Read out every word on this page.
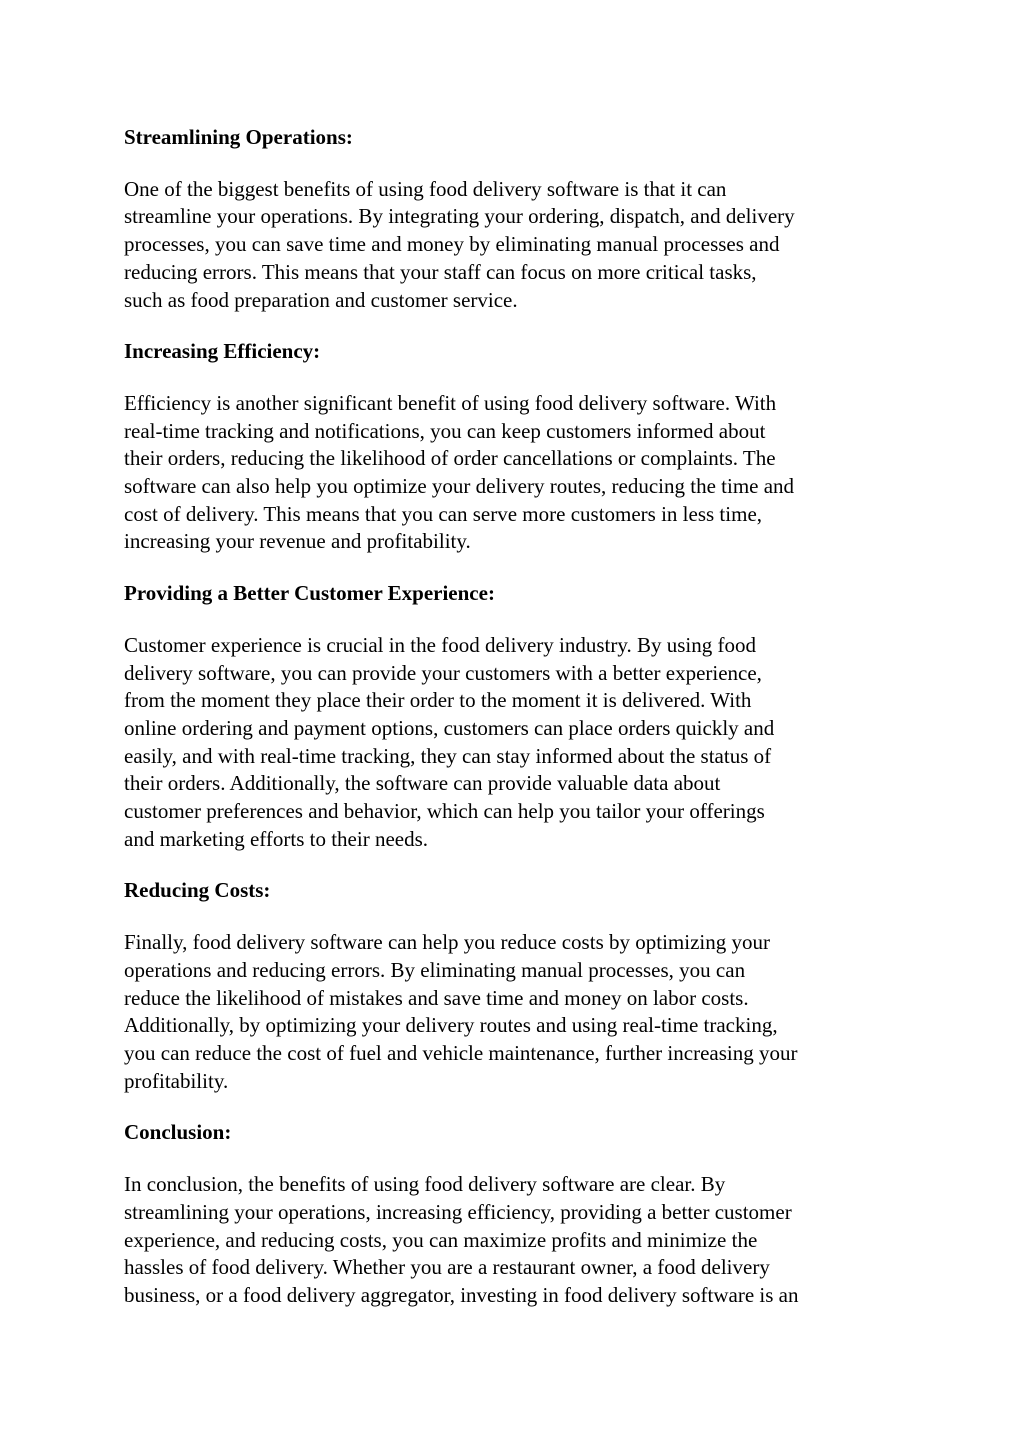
Streamlining Operations:
One of the biggest benefits of using food delivery software is that it can
streamline your operations. By integrating your ordering, dispatch, and delivery
processes, you can save time and money by eliminating manual processes and
reducing errors. This means that your staff can focus on more critical tasks,
such as food preparation and customer service.
Increasing Efficiency:
Efficiency is another significant benefit of using food delivery software. With
real-time tracking and notifications, you can keep customers informed about
their orders, reducing the likelihood of order cancellations or complaints. The
software can also help you optimize your delivery routes, reducing the time and
cost of delivery. This means that you can serve more customers in less time,
increasing your revenue and profitability.
Providing a Better Customer Experience:
Customer experience is crucial in the food delivery industry. By using food
delivery software, you can provide your customers with a better experience,
from the moment they place their order to the moment it is delivered. With
online ordering and payment options, customers can place orders quickly and
easily, and with real-time tracking, they can stay informed about the status of
their orders. Additionally, the software can provide valuable data about
customer preferences and behavior, which can help you tailor your offerings
and marketing efforts to their needs.
Reducing Costs:
Finally, food delivery software can help you reduce costs by optimizing your
operations and reducing errors. By eliminating manual processes, you can
reduce the likelihood of mistakes and save time and money on labor costs.
Additionally, by optimizing your delivery routes and using real-time tracking,
you can reduce the cost of fuel and vehicle maintenance, further increasing your
profitability.
Conclusion:
In conclusion, the benefits of using food delivery software are clear. By
streamlining your operations, increasing efficiency, providing a better customer
experience, and reducing costs, you can maximize profits and minimize the
hassles of food delivery. Whether you are a restaurant owner, a food delivery
business, or a food delivery aggregator, investing in food delivery software is an
